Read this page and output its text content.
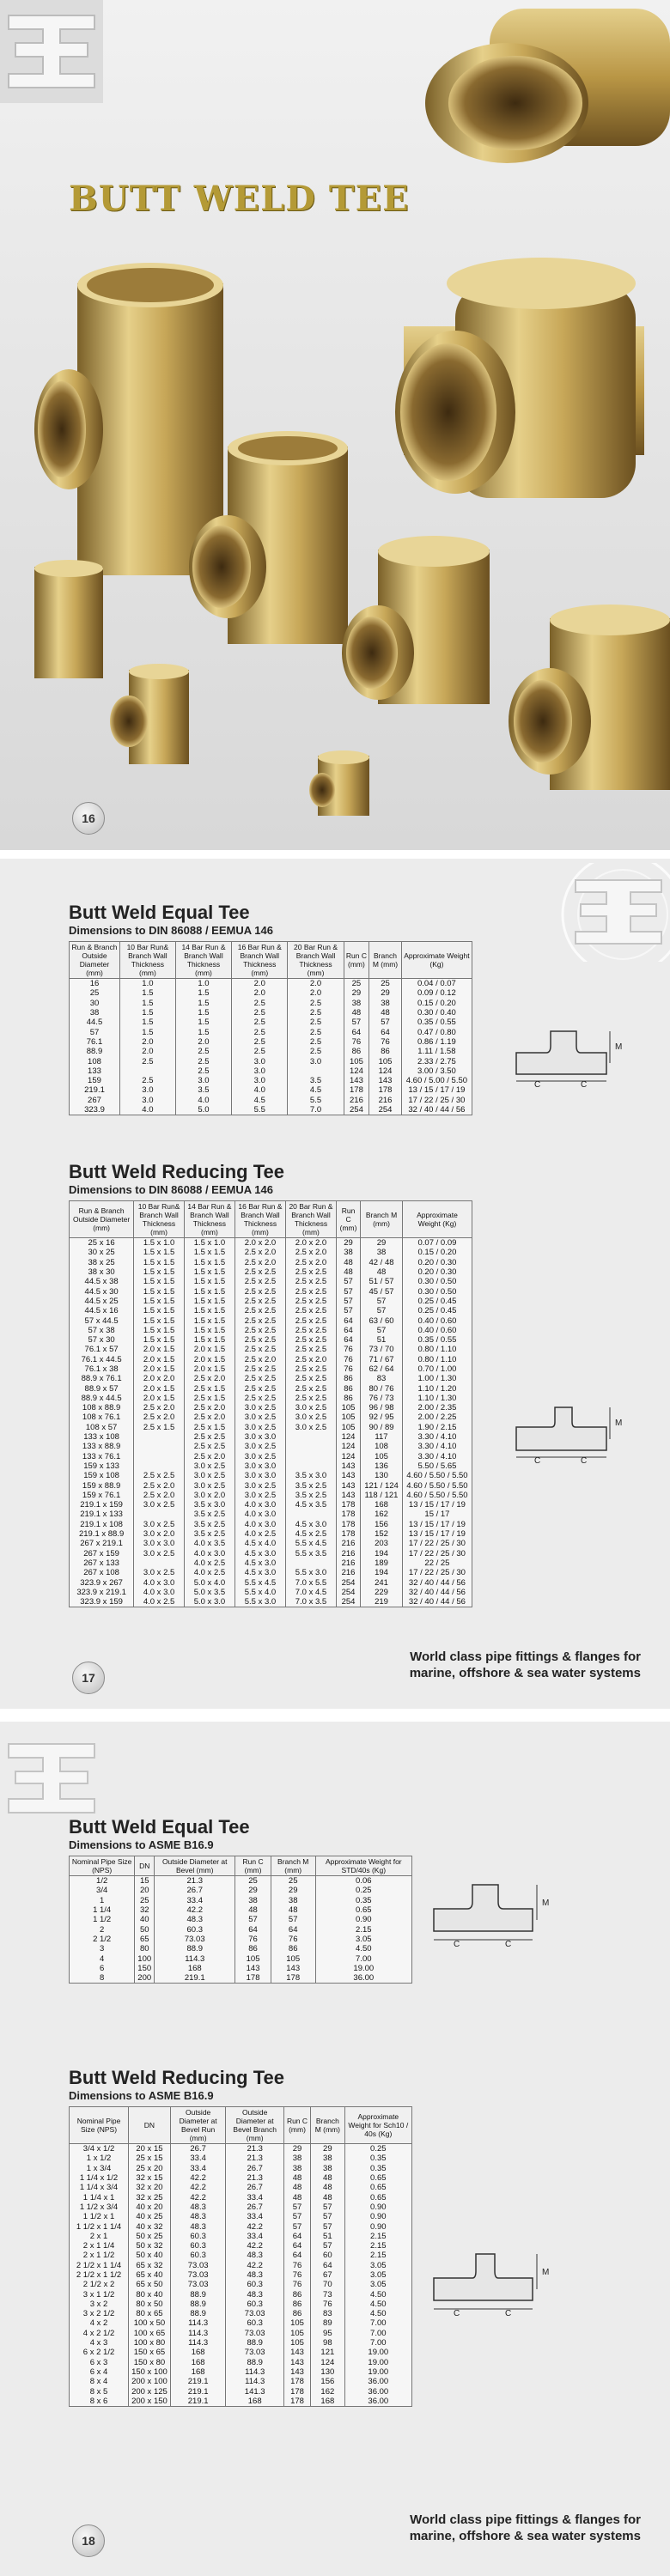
BUTT WELD TEE
16
Butt Weld Equal Tee

Dimensions to DIN 86088 / EEMUA 146

Run & Branch Outside Diameter (mm)	10 Bar Run& Branch Wall Thickness (mm)	14 Bar Run & Branch Wall Thickness (mm)	16 Bar Run & Branch Wall Thickness (mm)	20 Bar Run & Branch Wall Thickness (mm)	Run C (mm)	Branch M (mm)	Approximate Weight (Kg)
16	1.0	1.0	2.0	2.0	25	25	0.04 / 0.07
25	1.5	1.5	2.0	2.0	29	29	0.09 / 0.12
30	1.5	1.5	2.5	2.5	38	38	0.15 / 0.20
38	1.5	1.5	2.5	2.5	48	48	0.30 / 0.40
44.5	1.5	1.5	2.5	2.5	57	57	0.35 / 0.55
57	1.5	1.5	2.5	2.5	64	64	0.47 / 0.80
76.1	2.0	2.0	2.5	2.5	76	76	0.86 / 1.19
88.9	2.0	2.5	2.5	2.5	86	86	1.11 / 1.58
108	2.5	2.5	3.0	3.0	105	105	2.33 / 2.75
133		2.5	3.0		124	124	3.00 / 3.50
159	2.5	3.0	3.0	3.5	143	143	4.60 / 5.00 / 5.50
219.1	3.0	3.5	4.0	4.5	178	178	13 / 15 / 17 / 19
267	3.0	4.0	4.5	5.5	216	216	17 / 22 / 25 / 30
323.9	4.0	5.0	5.5	7.0	254	254	32 / 40 / 44 / 56
C	C
M
Butt Weld Reducing Tee

Dimensions to DIN 86088 / EEMUA 146

Run & Branch Outside Diameter (mm)	10 Bar Run& Branch Wall Thickness (mm)	14 Bar Run & Branch Wall Thickness (mm)	16 Bar Run & Branch Wall Thickness (mm)	20 Bar Run & Branch Wall Thickness (mm)	Run C (mm)	Branch M (mm)	Approximate Weight (Kg)
25 x 16	1.5 x 1.0	1.5 x 1.0	2.0 x 2.0	2.0 x 2.0	29	29	0.07 / 0.09
30 x 25	1.5 x 1.5	1.5 x 1.5	2.5 x 2.0	2.5 x 2.0	38	38	0.15 / 0.20
38 x 25	1.5 x 1.5	1.5 x 1.5	2.5 x 2.0	2.5 x 2.0	48	42 / 48	0.20 / 0.30
38 x 30	1.5 x 1.5	1.5 x 1.5	2.5 x 2.5	2.5 x 2.5	48	48	0.20 / 0.30
44.5 x 38	1.5 x 1.5	1.5 x 1.5	2.5 x 2.5	2.5 x 2.5	57	51 / 57	0.30 / 0.50
44.5 x 30	1.5 x 1.5	1.5 x 1.5	2.5 x 2.5	2.5 x 2.5	57	45 / 57	0.30 / 0.50
44.5 x 25	1.5 x 1.5	1.5 x 1.5	2.5 x 2.5	2.5 x 2.5	57	57	0.25 / 0.45
44.5 x 16	1.5 x 1.5	1.5 x 1.5	2.5 x 2.5	2.5 x 2.5	57	57	0.25 / 0.45
57 x 44.5	1.5 x 1.5	1.5 x 1.5	2.5 x 2.5	2.5 x 2.5	64	63 / 60	0.40 / 0.60
57 x 38	1.5 x 1.5	1.5 x 1.5	2.5 x 2.5	2.5 x 2.5	64	57	0.40 / 0.60
57 x 30	1.5 x 1.5	1.5 x 1.5	2.5 x 2.5	2.5 x 2.5	64	51	0.35 / 0.55
76.1 x 57	2.0 x 1.5	2.0 x 1.5	2.5 x 2.5	2.5 x 2.5	76	73 / 70	0.80 / 1.10
76.1 x 44.5	2.0 x 1.5	2.0 x 1.5	2.5 x 2.0	2.5 x 2.0	76	71 / 67	0.80 / 1.10
76.1 x 38	2.0 x 1.5	2.0 x 1.5	2.5 x 2.5	2.5 x 2.5	76	62 / 64	0.70 / 1.00
88.9 x 76.1	2.0 x 2.0	2.5 x 2.0	2.5 x 2.5	2.5 x 2.5	86	83	1.00 / 1.30
88.9 x 57	2.0 x 1.5	2.5 x 1.5	2.5 x 2.5	2.5 x 2.5	86	80 / 76	1.10 / 1.20
88.9 x 44.5	2.0 x 1.5	2.5 x 1.5	2.5 x 2.5	2.5 x 2.5	86	76 / 73	1.10 / 1.30
108 x 88.9	2.5 x 2.0	2.5 x 2.0	3.0 x 2.5	3.0 x 2.5	105	96 / 98	2.00 / 2.35
108 x 76.1	2.5 x 2.0	2.5 x 2.0	3.0 x 2.5	3.0 x 2.5	105	92 / 95	2.00 / 2.25
108 x 57	2.5 x 1.5	2.5 x 1.5	3.0 x 2.5	3.0 x 2.5	105	90 / 89	1.90 / 2.15
133 x 108		2.5 x 2.5	3.0 x 3.0		124	117	3.30 / 4.10
133 x 88.9		2.5 x 2.5	3.0 x 2.5		124	108	3.30 / 4.10
133 x 76.1		2.5 x 2.0	3.0 x 2.5		124	105	3.30 / 4.10
159 x 133		3.0 x 2.5	3.0 x 3.0		143	136	5.50 / 5.65
159 x 108	2.5 x 2.5	3.0 x 2.5	3.0 x 3.0	3.5 x 3.0	143	130	4.60 / 5.50 / 5.50
159 x 88.9	2.5 x 2.0	3.0 x 2.5	3.0 x 2.5	3.5 x 2.5	143	121 / 124	4.60 / 5.50 / 5.50
159 x 76.1	2.5 x 2.0	3.0 x 2.0	3.0 x 2.5	3.5 x 2.5	143	118 / 121	4.60 / 5.50 / 5.50
219.1 x 159	3.0 x 2.5	3.5 x 3.0	4.0 x 3.0	4.5 x 3.5	178	168	13 / 15 / 17 / 19
219.1 x 133		3.5 x 2.5	4.0 x 3.0		178	162	15 / 17
219.1 x 108	3.0 x 2.5	3.5 x 2.5	4.0 x 3.0	4.5 x 3.0	178	156	13 / 15 / 17 / 19
219.1 x 88.9	3.0 x 2.0	3.5 x 2.5	4.0 x 2.5	4.5 x 2.5	178	152	13 / 15 / 17 / 19
267 x 219.1	3.0 x 3.0	4.0 x 3.5	4.5 x 4.0	5.5 x 4.5	216	203	17 / 22 / 25 / 30
267 x 159	3.0 x 2.5	4.0 x 3.0	4.5 x 3.0	5.5 x 3.5	216	194	17 / 22 / 25 / 30
267 x 133		4.0 x 2.5	4.5 x 3.0		216	189	22 / 25
267 x 108	3.0 x 2.5	4.0 x 2.5	4.5 x 3.0	5.5 x 3.0	216	194	17 / 22 / 25 / 30
323.9 x 267	4.0 x 3.0	5.0 x 4.0	5.5 x 4.5	7.0 x 5.5	254	241	32 / 40 / 44 / 56
323.9 x 219.1	4.0 x 3.0	5.0 x 3.5	5.5 x 4.0	7.0 x 4.5	254	229	32 / 40 / 44 / 56
323.9 x 159	4.0 x 2.5	5.0 x 3.0	5.5 x 3.0	7.0 x 3.5	254	219	32 / 40 / 44 / 56
C	C
M
17
World class pipe fittings & flanges for
marine, offshore & sea water systems
Butt Weld Equal Tee

Dimensions to ASME B16.9

Nominal Pipe Size (NPS)	DN	Outside Diameter at Bevel (mm)	Run C (mm)	Branch M (mm)	Approximate Weight for STD/40s (Kg)
1/2	15	21.3	25	25	0.06
3/4	20	26.7	29	29	0.25
1	25	33.4	38	38	0.35
1 1/4	32	42.2	48	48	0.65
1 1/2	40	48.3	57	57	0.90
2	50	60.3	64	64	2.15
2 1/2	65	73.03	76	76	3.05
3	80	88.9	86	86	4.50
4	100	114.3	105	105	7.00
6	150	168	143	143	19.00
8	200	219.1	178	178	36.00
C	C
M
Butt Weld Reducing Tee

Dimensions to ASME B16.9

Nominal Pipe Size (NPS)	DN	Outside Diameter at Bevel Run (mm)	Outside Diameter at Bevel Branch (mm)	Run C (mm)	Branch M (mm)	Approximate Weight for Sch10 / 40s (Kg)
3/4 x 1/2	20 x 15	26.7	21.3	29	29	0.25
1 x 1/2	25 x 15	33.4	21.3	38	38	0.35
1 x 3/4	25 x 20	33.4	26.7	38	38	0.35
1 1/4 x 1/2	32 x 15	42.2	21.3	48	48	0.65
1 1/4 x 3/4	32 x 20	42.2	26.7	48	48	0.65
1 1/4 x 1	32 x 25	42.2	33.4	48	48	0.65
1 1/2 x 3/4	40 x 20	48.3	26.7	57	57	0.90
1 1/2 x 1	40 x 25	48.3	33.4	57	57	0.90
1 1/2 x 1 1/4	40 x 32	48.3	42.2	57	57	0.90
2 x 1	50 x 25	60.3	33.4	64	51	2.15
2 x 1 1/4	50 x 32	60.3	42.2	64	57	2.15
2 x 1 1/2	50 x 40	60.3	48.3	64	60	2.15
2 1/2 x 1 1/4	65 x 32	73.03	42.2	76	64	3.05
2 1/2 x 1 1/2	65 x 40	73.03	48.3	76	67	3.05
2 1/2 x 2	65 x 50	73.03	60.3	76	70	3.05
3 x 1 1/2	80 x 40	88.9	48.3	86	73	4.50
3 x 2	80 x 50	88.9	60.3	86	76	4.50
3 x 2 1/2	80 x 65	88.9	73.03	86	83	4.50
4 x 2	100 x 50	114.3	60.3	105	89	7.00
4 x 2 1/2	100 x 65	114.3	73.03	105	95	7.00
4 x 3	100 x 80	114.3	88.9	105	98	7.00
6 x 2 1/2	150 x 65	168	73.03	143	121	19.00
6 x 3	150 x 80	168	88.9	143	124	19.00
6 x 4	150 x 100	168	114.3	143	130	19.00
8 x 4	200 x 100	219.1	114.3	178	156	36.00
8 x 5	200 x 125	219.1	141.3	178	162	36.00
8 x 6	200 x 150	219.1	168	178	168	36.00
C	C
M
18
World class pipe fittings & flanges for
marine, offshore & sea water systems
